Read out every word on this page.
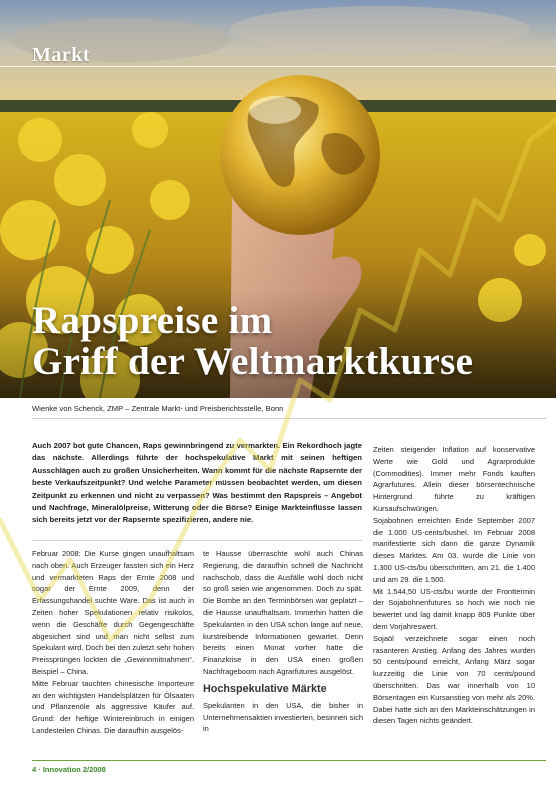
Markt
Rapspreise im
Griff der Weltmarktkurse
Wienke von Schenck, ZMP – Zentrale Markt- und Preisberichtsstelle, Bonn

Auch 2007 bot gute Chancen, Raps gewinnbringend zu vermarkten. Ein Rekordhoch jagte das nächste. Allerdings führte der hochspekulative Markt mit seinen heftigen Ausschlägen auch zu großen Unsicherheiten. Wann kommt für die nächste Rapsernte der beste Verkaufszeitpunkt? Und welche Parameter müssen beobachtet werden, um diesen Zeitpunkt zu erkennen und nicht zu verpassen? Was bestimmt den Rapspreis – Angebot und Nachfrage, Mineralölpreise, Witterung oder die Börse? Einige Markteinflüsse lassen sich bereits jetzt vor der Rapsernte spezifizieren, andere nie.

Februar 2008: Die Kurse gingen unaufhaltsam nach oben. Auch Erzeuger fassten sich ein Herz und vermarkteten Raps der Ernte 2008 und sogar der Ernte 2009, denn der Erfassungshandel suchte Ware. Das ist auch in Zeiten hoher Spekulationen relativ risikolos, wenn die Geschäfte durch Gegengeschäfte abgesichert sind und man nicht selbst zum Spekulant wird. Doch bei den zuletzt sehr hohen Preissprüngen lockten die „Gewinnmitnahmen“. Beispiel – China.

Mitte Februar tauchten chinesische Importeure an den wichtigsten Handelsplätzen für Ölsaaten und Pflanzenöle als aggressive Käufer auf. Grund: der heftige Wintereinbruch in einigen Landesteilen Chinas. Die daraufhin ausgelös-

te Hausse überraschte wohl auch Chinas Regierung, die daraufhin schnell die Nachricht nachschob, dass die Ausfälle wohl doch nicht so groß seien wie angenommen. Doch zu spät. Die Bombe an den Terminbörsen war geplatzt – die Hausse unaufhaltsam. Immerhin hatten die Spekulanten in den USA schon lange auf neue, kurstreibende Informationen gewartet. Denn bereits einen Monat vorher hatte die Finanzkrise in den USA einen großen Nachfrageboom nach Agrarfutures ausgelöst.

Hochspekulative Märkte

Spekulanten in den USA, die bisher in Unternehmensaktien investierten, besinnen sich in

Zeiten steigender Inflation auf konservative Werte wie Gold und Agrarprodukte (Commodities). Immer mehr Fonds kauften Agrarfutures. Allein dieser börsentechnische Hintergrund führte zu kräftigen Kursaufschwüngen.

Sojabohnen erreichten Ende September 2007 die 1.000 US-cents/bushel. Im Februar 2008 manifestierte sich dann die ganze Dynamik dieses Marktes. Am 03. wurde die Linie von 1.300 US-cts/bu überschritten, am 21. die 1.400 und am 29. die 1.500.

Mit 1.544,50 US-cts/bu wurde der Fronttermin der Sojabohnenfutures so hoch wie noch nie bewertet und lag damit knapp 809 Punkte über dem Vorjahreswert.

Sojaöl verzeichnete sogar einen noch rasanteren Anstieg. Anfang des Jahres wurden 50 cents/pound erreicht, Anfang März sogar kurzzeitig die Linie von 70 cents/pound überschritten. Das war innerhalb von 10 Börsentagen ein Kursanstieg von mehr als 20%. Dabei hatte sich an den Markteinschätzungen in diesen Tagen nichts geändert.

4 · Innovation 2/2008
